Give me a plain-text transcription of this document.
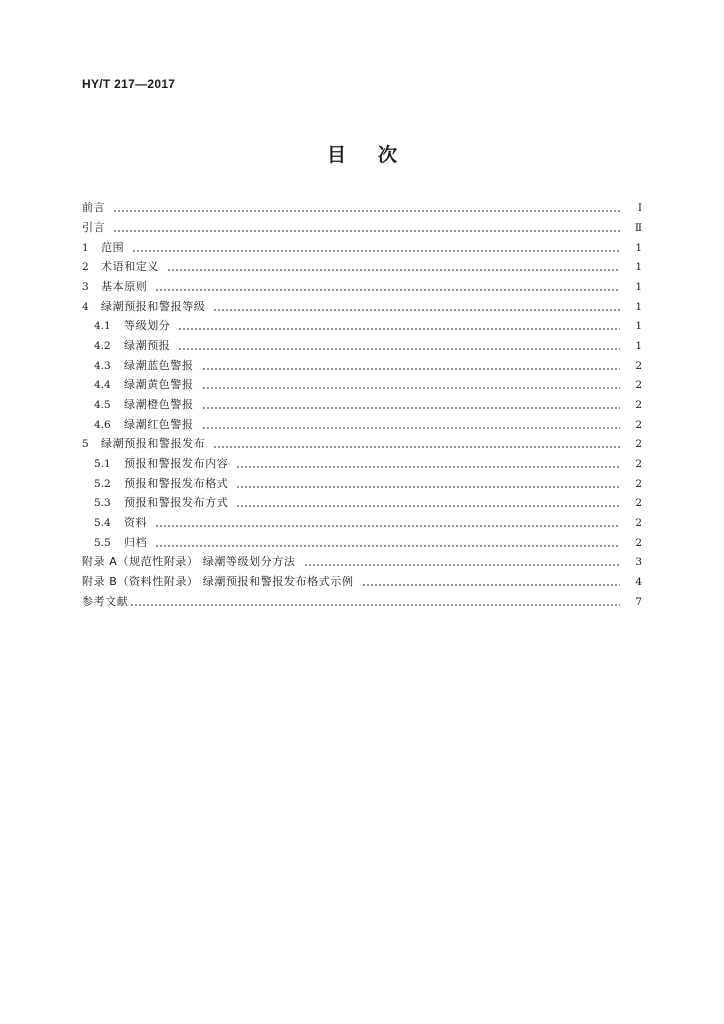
HY/T 217—2017
目次
前言	Ⅰ
引言	Ⅱ
1	范围	1
2	术语和定义	1
3	基本原则	1
4	绿潮预报和警报等级	1
4.1	等级划分	1
4.2	绿潮预报	1
4.3	绿潮蓝色警报	2
4.4	绿潮黄色警报	2
4.5	绿潮橙色警报	2
4.6	绿潮红色警报	2
5	绿潮预报和警报发布	2
5.1	预报和警报发布内容	2
5.2	预报和警报发布格式	2
5.3	预报和警报发布方式	2
5.4	资料	2
5.5	归档	2
附录 A（规范性附录） 绿潮等级划分方法	3
附录 B（资料性附录） 绿潮预报和警报发布格式示例	4
参考文献	7
